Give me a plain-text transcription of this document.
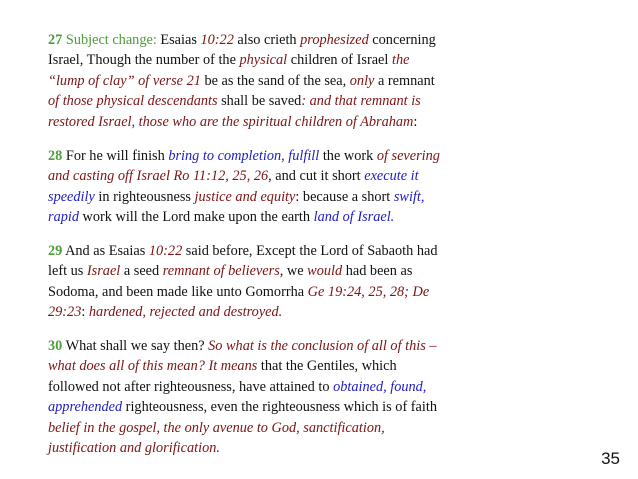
27 Subject change: Esaias 10:22 also crieth prophesized concerning
Israel, Though the number of the physical children of Israel the
“lump of clay” of verse 21 be as the sand of the sea, only a remnant
of those physical descendants shall be saved: and that remnant is
restored Israel, those who are the spiritual children of Abraham:
28 For he will finish bring to completion, fulfill the work of severing
and casting off Israel Ro 11:12, 25, 26, and cut it short execute it
speedily in righteousness justice and equity: because a short swift,
rapid work will the Lord make upon the earth land of Israel.
29 And as Esaias 10:22 said before, Except the Lord of Sabaoth had
left us Israel a seed remnant of believers, we would had been as
Sodoma, and been made like unto Gomorrha Ge 19:24, 25, 28; De
29:23: hardened, rejected and destroyed.
30 What shall we say then? So what is the conclusion of all of this –
what does all of this mean? It means that the Gentiles, which
followed not after righteousness, have attained to obtained, found,
apprehended righteousness, even the righteousness which is of faith
belief in the gospel, the only avenue to God, sanctification,
justification and glorification.
35
